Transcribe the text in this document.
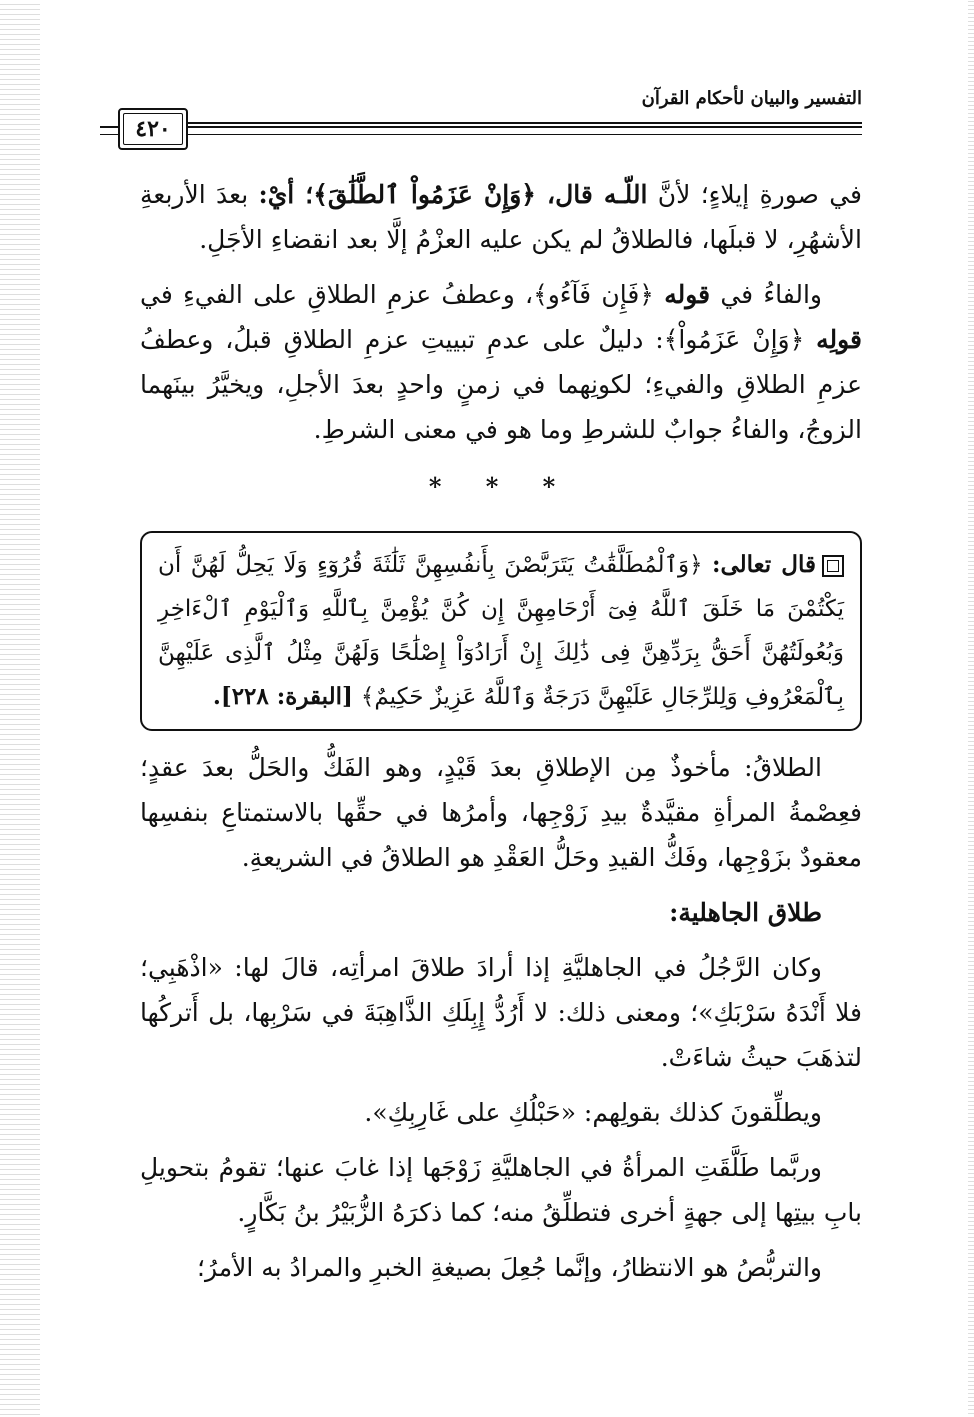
التفسير والبيان لأحكام القرآن
٤٢٠

في صورةِ إيلاءٍ؛ لأنَّ اللّـه قال، ﴿وَإِنْ عَزَمُواْ ٱلطَّلَٰقَ﴾؛ أيْ: بعدَ الأربعةِ الأشهُرِ، لا قبلَها، فالطلاقُ لم يكن عليه العزْمُ إلَّا بعد انقضاءِ الأجَلِ.

والفاءُ في قوله ﴿فَإِن فَآءُو﴾، وعطفُ عزمِ الطلاقِ على الفيءِ في قولِه ﴿وَإِنْ عَزَمُواْ﴾: دليلٌ على عدمِ تبييتِ عزمِ الطلاقِ قبلُ، وعطفُ عزمِ الطلاقِ والفيءِ؛ لكونِهما في زمنٍ واحدٍ بعدَ الأجلِ، ويخيَّرُ بينَهما الزوجُ، والفاءُ جوابٌ للشرطِ وما هو في معنى الشرطِ.

* * *
قال تعالى: ﴿وَٱلْمُطَلَّقَٰتُ يَتَرَبَّصْنَ بِأَنفُسِهِنَّ ثَلَٰثَةَ قُرُوٓءٍ وَلَا يَحِلُّ لَهُنَّ أَن يَكْتُمْنَ مَا خَلَقَ ٱللَّهُ فِىٓ أَرْحَامِهِنَّ إِن كُنَّ يُؤْمِنَّ بِٱللَّهِ وَٱلْيَوْمِ ٱلْءَاخِرِ وَبُعُولَتُهُنَّ أَحَقُّ بِرَدِّهِنَّ فِى ذَٰلِكَ إِنْ أَرَادُوٓاْ إِصْلَٰحًا وَلَهُنَّ مِثْلُ ٱلَّذِى عَلَيْهِنَّ بِٱلْمَعْرُوفِ وَلِلرِّجَالِ عَلَيْهِنَّ دَرَجَةٌ وَٱللَّهُ عَزِيزٌ حَكِيمٌ﴾ [البقرة: ٢٢٨].

الطلاقُ: مأخوذٌ مِن الإطلاقِ بعدَ قَيْدٍ، وهو الفَكُّ والحَلُّ بعدَ عقدٍ؛ فعِصْمةُ المرأةِ مقيَّدةٌ بيدِ زَوْجِها، وأمرُها في حقِّها بالاستمتاعِ بنفسِها معقودٌ بزَوْجِها، وفَكُّ القيدِ وحَلُّ العَقْدِ هو الطلاقُ في الشريعةِ.

طلاق الجاهلية:

وكان الرَّجُلُ في الجاهليَّةِ إذا أرادَ طلاقَ امرأتِه، قالَ لها: «اذْهَبِي؛ فلا أَنْدَهُ سَرْبَكِ»؛ ومعنى ذلك: لا أَرُدُّ إِبِلَكِ الذَّاهِبَةَ في سَرْبِها، بل أَتركُها لتذهَبَ حيثُ شاءَتْ.

ويطلِّقونَ كذلك بقولِهم: «حَبْلُكِ على غَارِبِكِ».

وربَّما طَلَّقَتِ المرأةُ في الجاهليَّةِ زَوْجَها إذا غابَ عنها؛ تقومُ بتحويلِ بابِ بيتِها إلى جهةٍ أخرى فتطلِّقُ منه؛ كما ذكرَهُ الزُّبَيْرُ بنُ بَكَّارٍ.

والتربُّصُ هو الانتظارُ، وإنَّما جُعِلَ بصيغةِ الخبرِ والمرادُ به الأمرُ؛
